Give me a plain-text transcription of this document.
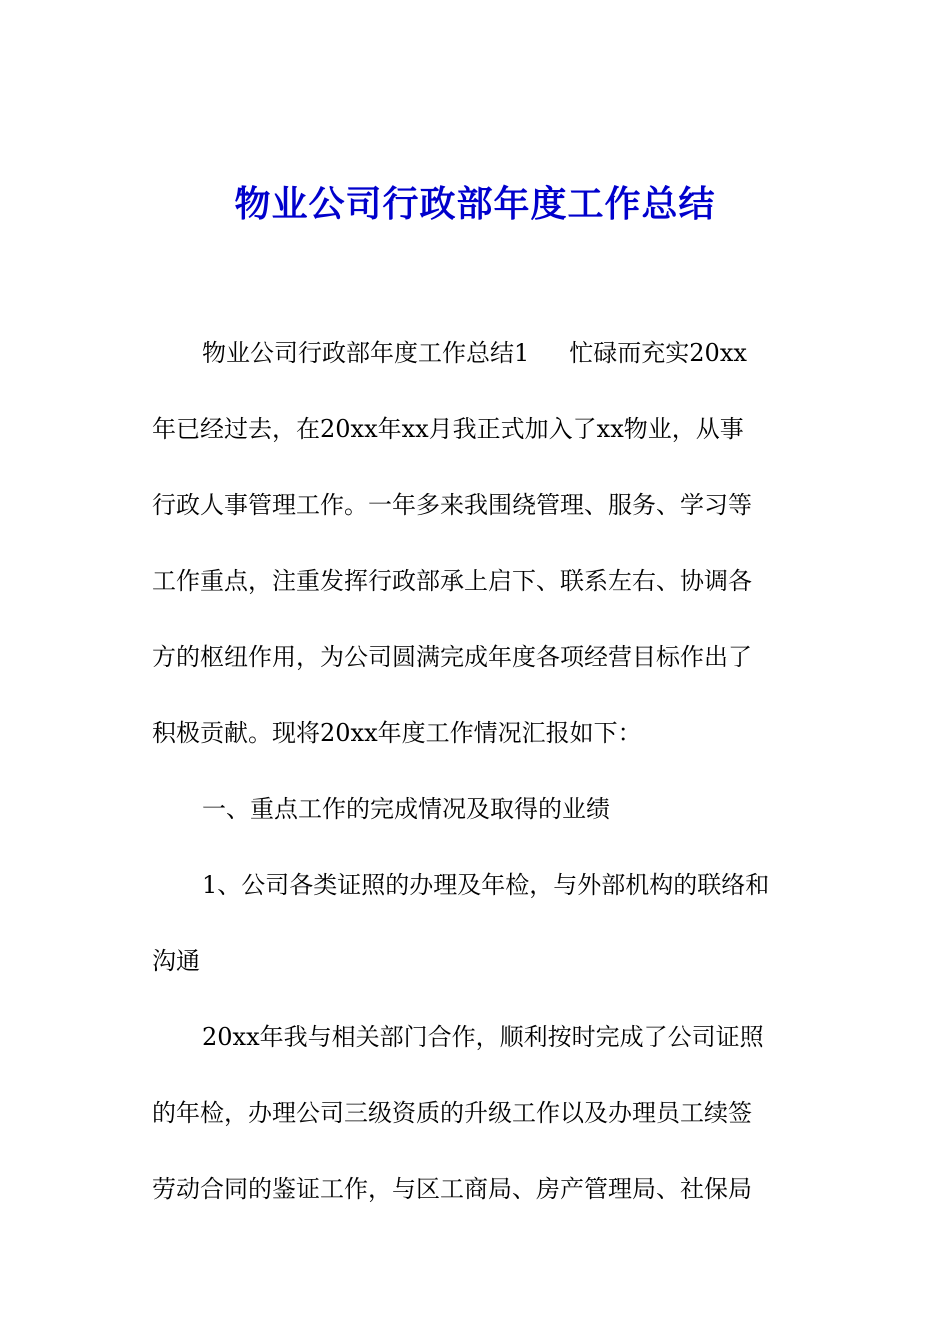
物业公司行政部年度工作总结
物业公司行政部年度工作总结1 忙碌而充实20xx
年已经过去，在20xx年xx月我正式加入了xx物业，从事
行政人事管理工作。一年多来我围绕管理、服务、学习等
工作重点，注重发挥行政部承上启下、联系左右、协调各
方的枢纽作用，为公司圆满完成年度各项经营目标作出了
积极贡献。现将20xx年度工作情况汇报如下：
一、重点工作的完成情况及取得的业绩
1、公司各类证照的办理及年检，与外部机构的联络和
沟通
20xx年我与相关部门合作，顺利按时完成了公司证照
的年检，办理公司三级资质的升级工作以及办理员工续签
劳动合同的鉴证工作，与区工商局、房产管理局、社保局
